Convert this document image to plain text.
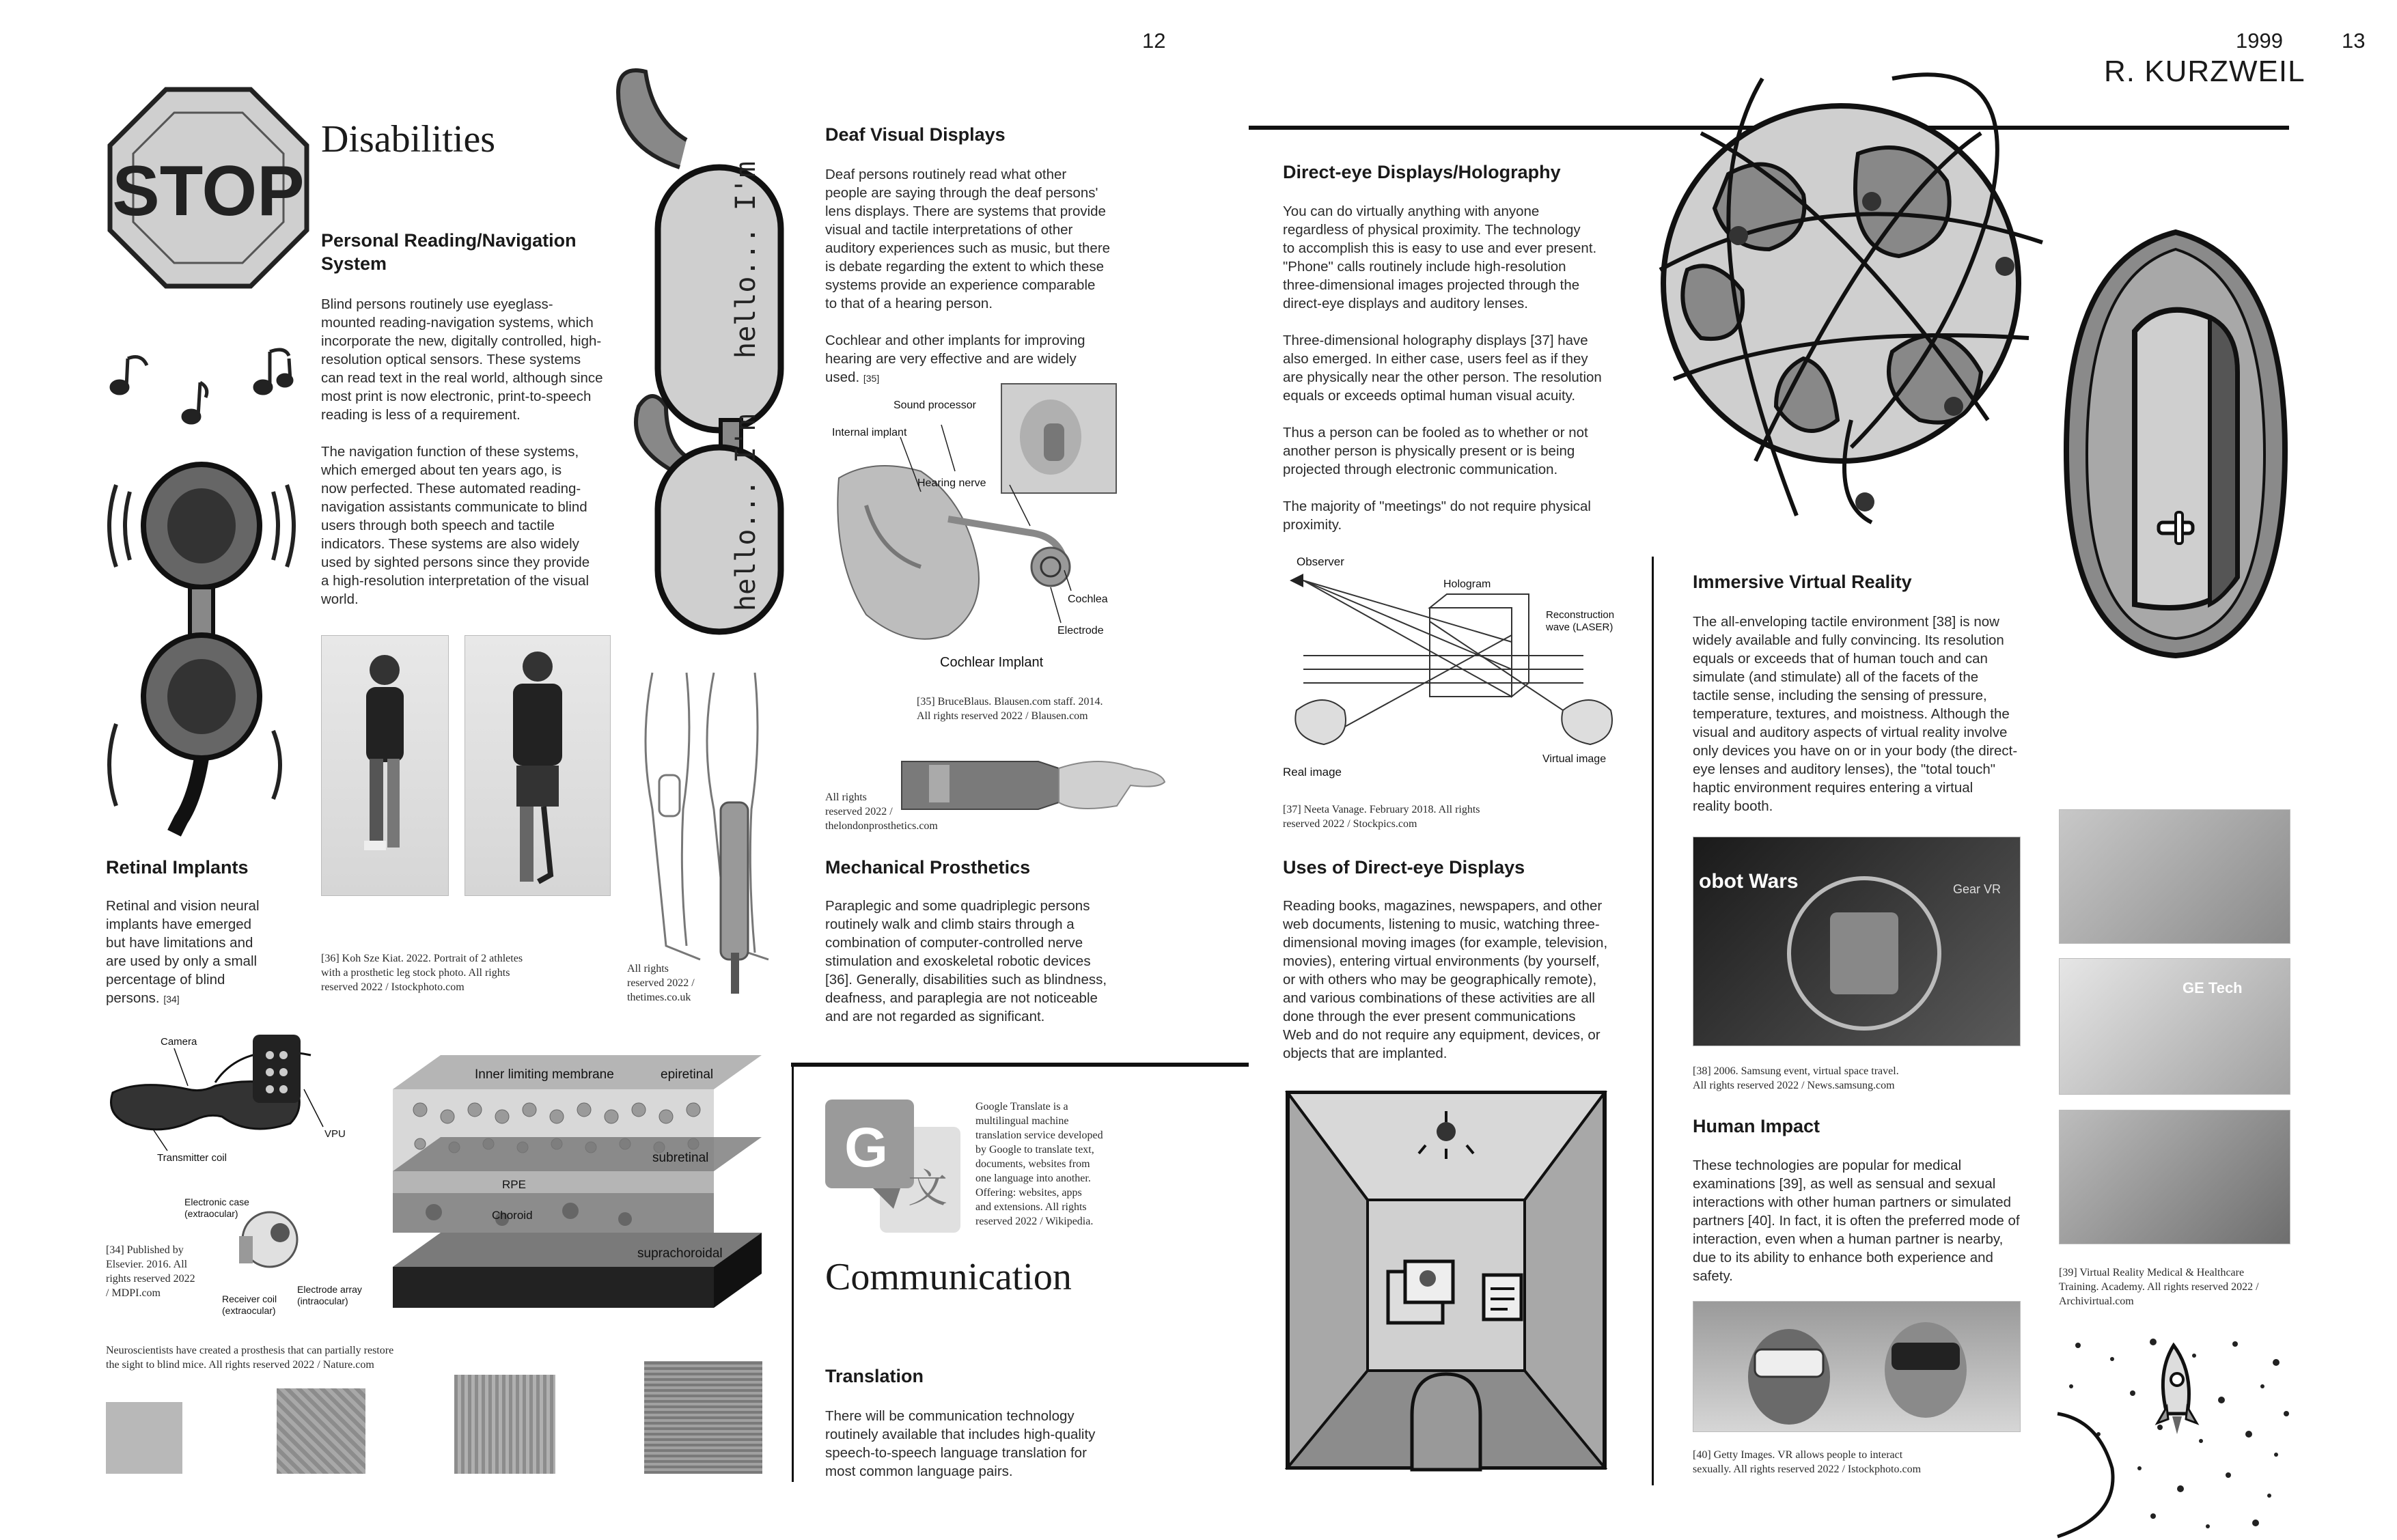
12	1999	13
R. KURZWEIL
STOP
Disabilities
Personal Reading/Navigation
System

Blind persons routinely use eyeglass-
mounted reading-navigation systems, which
incorporate the new, digitally controlled, high-
resolution optical sensors. These systems
can read text in the real world, although since
most print is now electronic, print-to-speech
reading is less of a requirement.

The navigation function of these systems,
which emerged about ten years ago, is
now perfected. These automated reading-
navigation assistants communicate to blind
users through both speech and tactile
indicators. These systems are also widely
used by sighted persons since they provide
a high-resolution interpretation of the visual
world.

hello... I'm
hello... I'm
[36] Koh Sze Kiat. 2022. Portrait of 2 athletes
with a prosthetic leg stock photo. All rights
reserved 2022 / Istockphoto.com
All rights
reserved 2022 /
thetimes.co.uk
Deaf Visual Displays

Deaf persons routinely read what other
people are saying through the deaf persons'
lens displays. There are systems that provide
visual and tactile interpretations of other
auditory experiences such as music, but there
is debate regarding the extent to which these
systems provide an experience comparable
to that of a hearing person.

Cochlear and other implants for improving
hearing are very effective and are widely
used. [35]

Sound processor
Internal implant
Hearing nerve
Cochlea
Electrode
Cochlear Implant
[35] BruceBlaus. Blausen.com staff. 2014.
All rights reserved 2022 / Blausen.com
All rights
reserved 2022 /
thelondonprosthetics.com
Mechanical Prosthetics

Paraplegic and some quadriplegic persons
routinely walk and climb stairs through a
combination of computer-controlled nerve
stimulation and exoskeletal robotic devices
[36]. Generally, disabilities such as blindness,
deafness, and paraplegia are not noticeable
and are not regarded as significant.

Retinal Implants

Retinal and vision neural
implants have emerged
but have limitations and
are used by only a small
percentage of blind
persons. [34]

Camera
VPU
Transmitter coil
Electronic case (extraocular)
Electrode array (intraocular)
Receiver coil (extraocular)
[34] Published by
Elsevier. 2016. All
rights reserved 2022
/ MDPI.com
Inner limiting membrane	epiretinal
RPE
subretinal
Choroid
suprachoroidal
Neuroscientists have created a prosthesis that can partially restore
the sight to blind mice. All rights reserved 2022 / Nature.com
G
文
Google Translate is a
multilingual machine
translation service developed
by Google to translate text,
documents, websites from
one language into another.
Offering: websites, apps
and extensions. All rights
reserved 2022 / Wikipedia.
Communication
Translation

There will be communication technology
routinely available that includes high-quality
speech-to-speech language translation for
most common language pairs.

Direct-eye Displays/Holography

You can do virtually anything with anyone
regardless of physical proximity. The technology
to accomplish this is easy to use and ever present.
"Phone" calls routinely include high-resolution
three-dimensional images projected through the
direct-eye displays and auditory lenses.

Three-dimensional holography displays [37] have
also emerged. In either case, users feel as if they
are physically near the other person. The resolution
equals or exceeds optimal human visual acuity.

Thus a person can be fooled as to whether or not
another person is physically present or is being
projected through electronic communication.

The majority of "meetings" do not require physical
proximity.

Observer
Hologram
Reconstruction wave (LASER)
Real image
Virtual image
[37] Neeta Vanage. February 2018. All rights
reserved 2022 / Stockpics.com
Uses of Direct-eye Displays

Reading books, magazines, newspapers, and other
web documents, listening to music, watching three-
dimensional moving images (for example, television,
movies), entering virtual environments (by yourself,
or with others who may be geographically remote),
and various combinations of these activities are all
done through the ever present communications
Web and do not require any equipment, devices, or
objects that are implanted.

Immersive Virtual Reality

The all-enveloping tactile environment [38] is now
widely available and fully convincing. Its resolution
equals or exceeds that of human touch and can
simulate (and stimulate) all of the facets of the
tactile sense, including the sensing of pressure,
temperature, textures, and moistness. Although the
visual and auditory aspects of virtual reality involve
only devices you have on or in your body (the direct-
eye lenses and auditory lenses), the "total touch"
haptic environment requires entering a virtual
reality booth.

obot Wars	Gear VR
[38] 2006. Samsung event, virtual space travel.
All rights reserved 2022 / News.samsung.com
GE Tech
[39] Virtual Reality Medical & Healthcare
Training. Academy. All rights reserved 2022 /
Archivirtual.com
Human Impact

These technologies are popular for medical
examinations [39], as well as sensual and sexual
interactions with other human partners or simulated
partners [40]. In fact, it is often the preferred mode of
interaction, even when a human partner is nearby,
due to its ability to enhance both experience and
safety.

[40] Getty Images. VR allows people to interact
sexually. All rights reserved 2022 / Istockphoto.com
